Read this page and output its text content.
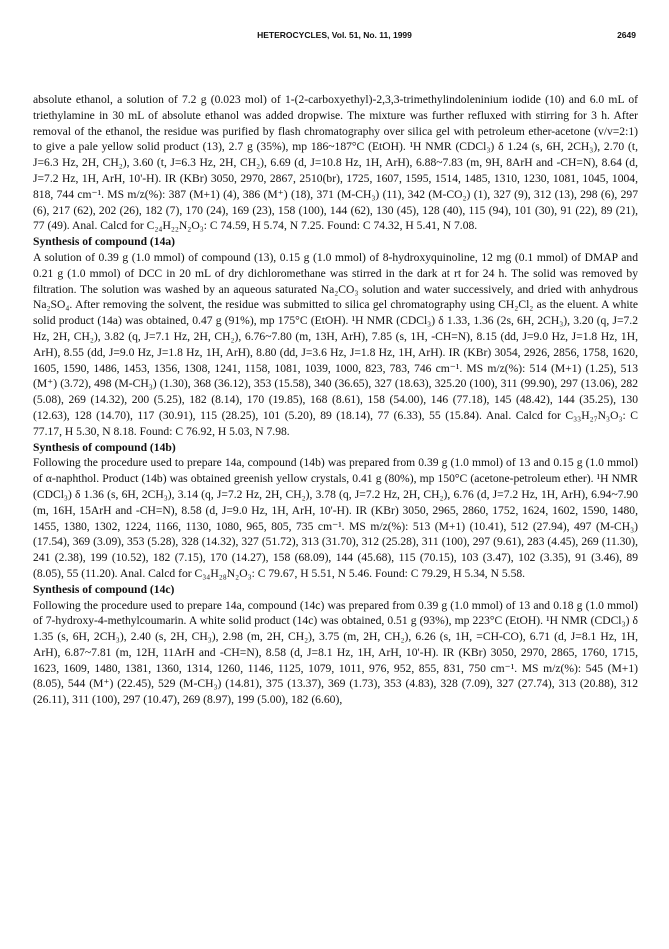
HETEROCYCLES, Vol. 51, No. 11, 1999	2649

absolute ethanol, a solution of 7.2 g (0.023 mol) of 1-(2-carboxyethyl)-2,3,3-trimethylindoleninium iodide (10) and 6.0 mL of triethylamine in 30 mL of absolute ethanol was added dropwise. The mixture was further refluxed with stirring for 3 h. After removal of the ethanol, the residue was purified by flash chromatography over silica gel with petroleum ether-acetone (v/v=2:1) to give a pale yellow solid product (13), 2.7 g (35%), mp 186~187°C (EtOH). ¹H NMR (CDCl₃) δ 1.24 (s, 6H, 2CH₃), 2.70 (t, J=6.3 Hz, 2H, CH₂), 3.60 (t, J=6.3 Hz, 2H, CH₂), 6.69 (d, J=10.8 Hz, 1H, ArH), 6.88~7.83 (m, 9H, 8ArH and -CH=N), 8.64 (d, J=7.2 Hz, 1H, ArH, 10'-H). IR (KBr) 3050, 2970, 2867, 2510(br), 1725, 1607, 1595, 1514, 1485, 1310, 1230, 1081, 1045, 1004, 818, 744 cm⁻¹. MS m/z(%): 387 (M+1) (4), 386 (M⁺) (18), 371 (M-CH₃) (11), 342 (M-CO₂) (1), 327 (9), 312 (13), 298 (6), 297 (6), 217 (62), 202 (26), 182 (7), 170 (24), 169 (23), 158 (100), 144 (62), 130 (45), 128 (40), 115 (94), 101 (30), 91 (22), 89 (21), 77 (49). Anal. Calcd for C₂₄H₂₂N₂O₃: C 74.59, H 5.74, N 7.25. Found: C 74.32, H 5.41, N 7.08.

Synthesis of compound (14a)

A solution of 0.39 g (1.0 mmol) of compound (13), 0.15 g (1.0 mmol) of 8-hydroxyquinoline, 12 mg (0.1 mmol) of DMAP and 0.21 g (1.0 mmol) of DCC in 20 mL of dry dichloromethane was stirred in the dark at rt for 24 h. The solid was removed by filtration. The solution was washed by an aqueous saturated Na₂CO₃ solution and water successively, and dried with anhydrous Na₂SO₄. After removing the solvent, the residue was submitted to silica gel chromatography using CH₂Cl₂ as the eluent. A white solid product (14a) was obtained, 0.47 g (91%), mp 175°C (EtOH). ¹H NMR (CDCl₃) δ 1.33, 1.36 (2s, 6H, 2CH₃), 3.20 (q, J=7.2 Hz, 2H, CH₂), 3.82 (q, J=7.1 Hz, 2H, CH₂), 6.76~7.80 (m, 13H, ArH), 7.85 (s, 1H, -CH=N), 8.15 (dd, J=9.0 Hz, J=1.8 Hz, 1H, ArH), 8.55 (dd, J=9.0 Hz, J=1.8 Hz, 1H, ArH), 8.80 (dd, J=3.6 Hz, J=1.8 Hz, 1H, ArH). IR (KBr) 3054, 2926, 2856, 1758, 1620, 1605, 1590, 1486, 1453, 1356, 1308, 1241, 1158, 1081, 1039, 1000, 823, 783, 746 cm⁻¹. MS m/z(%): 514 (M+1) (1.25), 513 (M⁺) (3.72), 498 (M-CH₃) (1.30), 368 (36.12), 353 (15.58), 340 (36.65), 327 (18.63), 325.20 (100), 311 (99.90), 297 (13.06), 282 (5.08), 269 (14.32), 200 (5.25), 182 (8.14), 170 (19.85), 168 (8.61), 158 (54.00), 146 (77.18), 145 (48.42), 144 (35.25), 130 (12.63), 128 (14.70), 117 (30.91), 115 (28.25), 101 (5.20), 89 (18.14), 77 (6.33), 55 (15.84). Anal. Calcd for C₃₃H₂₇N₃O₃: C 77.17, H 5.30, N 8.18. Found: C 76.92, H 5.03, N 7.98.

Synthesis of compound (14b)

Following the procedure used to prepare 14a, compound (14b) was prepared from 0.39 g (1.0 mmol) of 13 and 0.15 g (1.0 mmol) of α-naphthol. Product (14b) was obtained greenish yellow crystals, 0.41 g (80%), mp 150°C (acetone-petroleum ether). ¹H NMR (CDCl₃) δ 1.36 (s, 6H, 2CH₃), 3.14 (q, J=7.2 Hz, 2H, CH₂), 3.78 (q, J=7.2 Hz, 2H, CH₂), 6.76 (d, J=7.2 Hz, 1H, ArH), 6.94~7.90 (m, 16H, 15ArH and -CH=N), 8.58 (d, J=9.0 Hz, 1H, ArH, 10'-H). IR (KBr) 3050, 2965, 2860, 1752, 1624, 1602, 1590, 1480, 1455, 1380, 1302, 1224, 1166, 1130, 1080, 965, 805, 735 cm⁻¹. MS m/z(%): 513 (M+1) (10.41), 512 (27.94), 497 (M-CH₃) (17.54), 369 (3.09), 353 (5.28), 328 (14.32), 327 (51.72), 313 (31.70), 312 (25.28), 311 (100), 297 (9.61), 283 (4.45), 269 (11.30), 241 (2.38), 199 (10.52), 182 (7.15), 170 (14.27), 158 (68.09), 144 (45.68), 115 (70.15), 103 (3.47), 102 (3.35), 91 (3.46), 89 (8.05), 55 (11.20). Anal. Calcd for C₃₄H₂₈N₂O₃: C 79.67, H 5.51, N 5.46. Found: C 79.29, H 5.34, N 5.58.

Synthesis of compound (14c)

Following the procedure used to prepare 14a, compound (14c) was prepared from 0.39 g (1.0 mmol) of 13 and 0.18 g (1.0 mmol) of 7-hydroxy-4-methylcoumarin. A white solid product (14c) was obtained, 0.51 g (93%), mp 223°C (EtOH). ¹H NMR (CDCl₃) δ 1.35 (s, 6H, 2CH₃), 2.40 (s, 2H, CH₃), 2.98 (m, 2H, CH₂), 3.75 (m, 2H, CH₂), 6.26 (s, 1H, =CH-CO), 6.71 (d, J=8.1 Hz, 1H, ArH), 6.87~7.81 (m, 12H, 11ArH and -CH=N), 8.58 (d, J=8.1 Hz, 1H, ArH, 10'-H). IR (KBr) 3050, 2970, 2865, 1760, 1715, 1623, 1609, 1480, 1381, 1360, 1314, 1260, 1146, 1125, 1079, 1011, 976, 952, 855, 831, 750 cm⁻¹. MS m/z(%): 545 (M+1) (8.05), 544 (M⁺) (22.45), 529 (M-CH₃) (14.81), 375 (13.37), 369 (1.73), 353 (4.83), 328 (7.09), 327 (27.74), 313 (20.88), 312 (26.11), 311 (100), 297 (10.47), 269 (8.97), 199 (5.00), 182 (6.60),
